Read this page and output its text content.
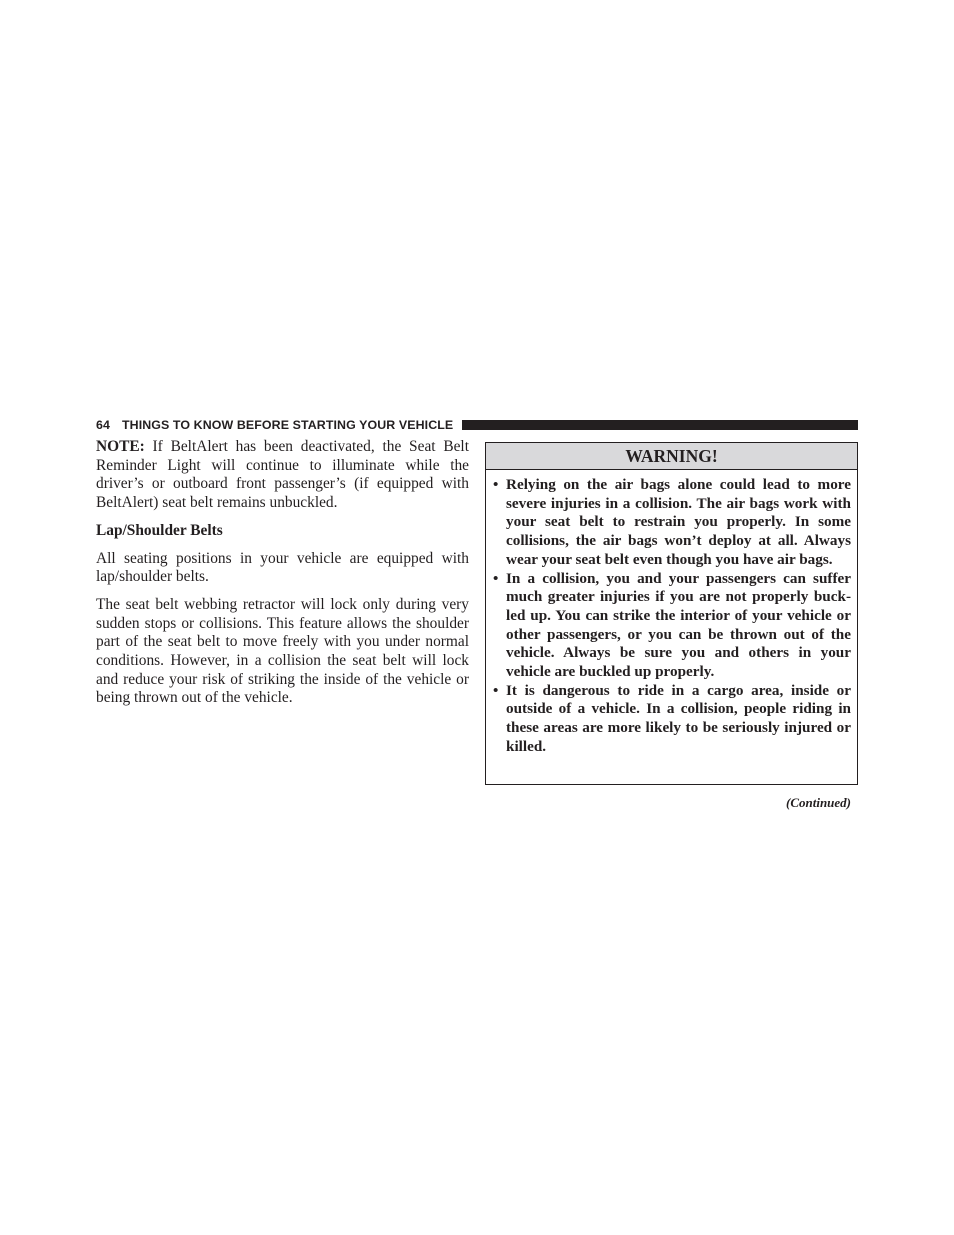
64 THINGS TO KNOW BEFORE STARTING YOUR VEHICLE

NOTE: If BeltAlert has been deactivated, the Seat Belt Reminder Light will continue to illuminate while the driver’s or outboard front passenger’s (if equipped with BeltAlert) seat belt remains unbuckled.

Lap/Shoulder Belts

All seating positions in your vehicle are equipped with lap/shoulder belts.

The seat belt webbing retractor will lock only during very sudden stops or collisions. This feature allows the shoulder part of the seat belt to move freely with you under normal conditions. However, in a collision the seat belt will lock and reduce your risk of striking the inside of the vehicle or being thrown out of the vehicle.

WARNING!
• Relying on the air bags alone could lead to more severe injuries in a collision. The air bags work with your seat belt to restrain you properly. In some collisions, the air bags won’t deploy at all. Always wear your seat belt even though you have air bags.
• In a collision, you and your passengers can suffer much greater injuries if you are not properly buckled up. You can strike the interior of your vehicle or other passengers, or you can be thrown out of the vehicle. Always be sure you and others in your vehicle are buckled up properly.
• It is dangerous to ride in a cargo area, inside or outside of a vehicle. In a collision, people riding in these areas are more likely to be seriously injured or killed.
(Continued)
